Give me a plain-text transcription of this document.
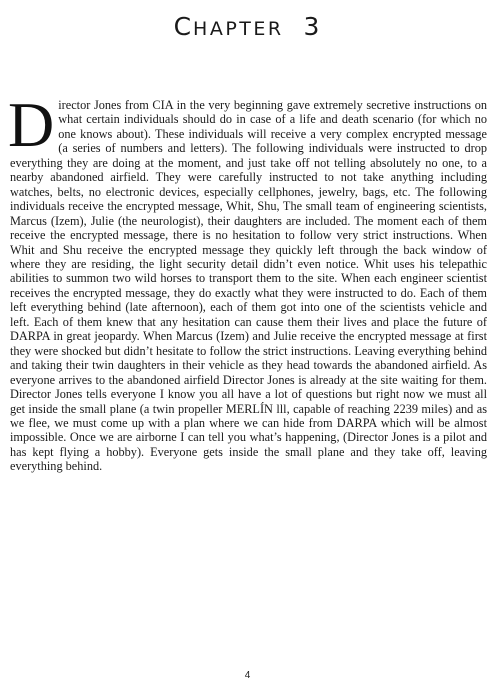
CHAPTER 3

Director Jones from CIA in the very beginning gave extremely secretive instructions on what certain individuals should do in case of a life and death scenario (for which no one knows about). These individuals will receive a very complex encrypted message (a series of numbers and letters). The following individuals were instructed to drop everything they are doing at the moment, and just take off not telling absolutely no one, to a nearby abandoned airfield. They were carefully instructed to not take anything including watches, belts, no electronic devices, especially cellphones, jewelry, bags, etc. The following individuals receive the encrypted message, Whit, Shu, The small team of engineering scientists, Marcus (Izem), Julie (the neurologist), their daughters are included. The moment each of them receive the encrypted message, there is no hesitation to follow very strict instructions. When Whit and Shu receive the encrypted message they quickly left through the back window of where they are residing, the light security detail didn’t even notice. Whit uses his telepathic abilities to summon two wild horses to transport them to the site. When each engineer scientist receives the encrypted message, they do exactly what they were instructed to do. Each of them left everything behind (late afternoon), each of them got into one of the scientists vehicle and left. Each of them knew that any hesitation can cause them their lives and place the future of DARPA in great jeopardy. When Marcus (Izem) and Julie receive the encrypted message at first they were shocked but didn’t hesitate to follow the strict instructions. Leaving everything behind and taking their twin daughters in their vehicle as they head towards the abandoned airfield. As everyone arrives to the abandoned airfield Director Jones is already at the site waiting for them. Director Jones tells everyone I know you all have a lot of questions but right now we must all get inside the small plane (a twin propeller MERLÍN lll, capable of reaching 2239 miles) and as we flee, we must come up with a plan where we can hide from DARPA which will be almost impossible. Once we are airborne I can tell you what’s happening, (Director Jones is a pilot and has kept flying a hobby). Everyone gets inside the small plane and they take off, leaving everything behind.

4
